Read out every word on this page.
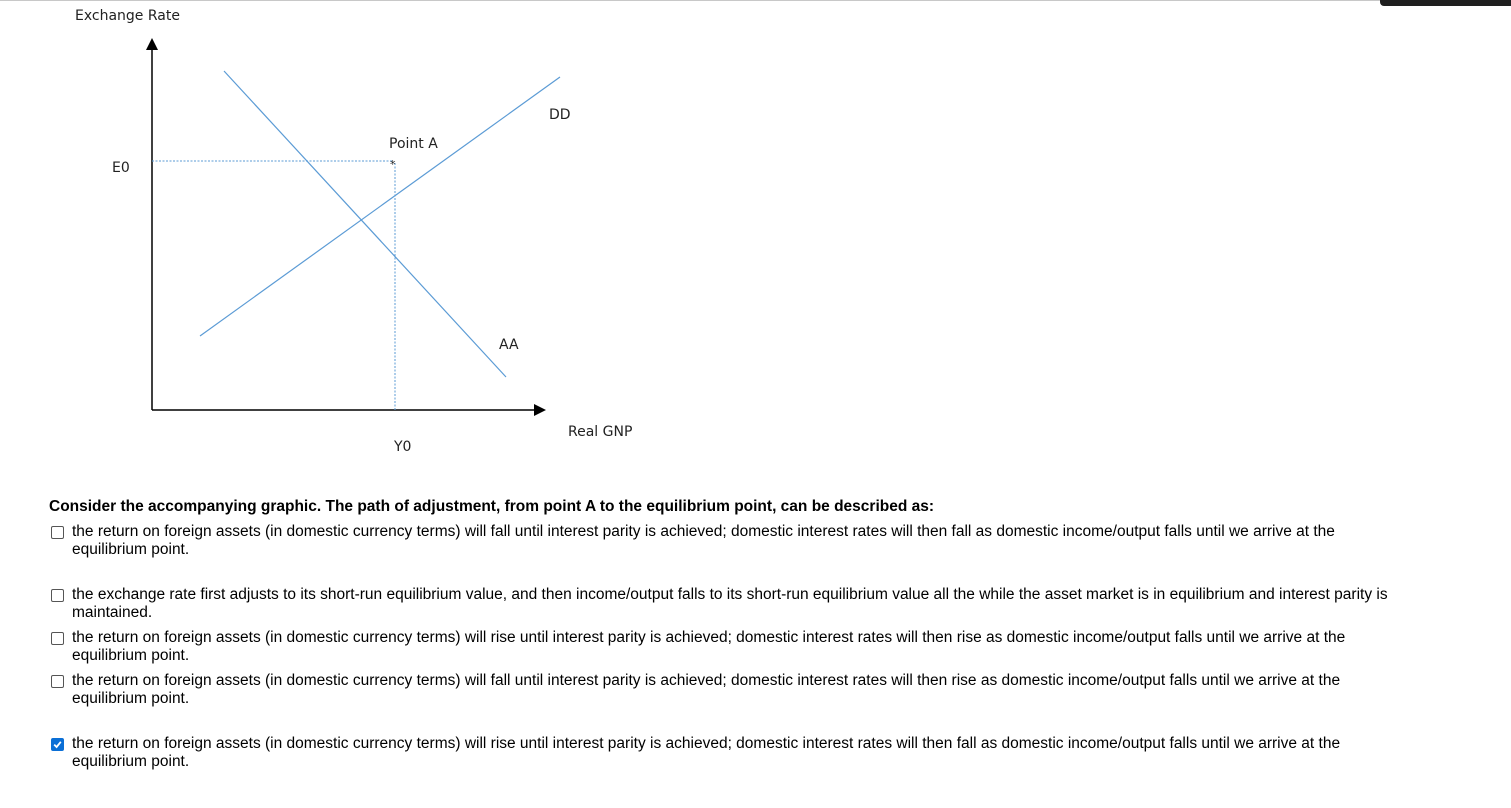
*
Exchange Rate
Real GNP
E0
Y0
Point A
DD
AA
Consider the accompanying graphic. The path of adjustment, from point A to the equilibrium point, can be described as:
the return on foreign assets (in domestic currency terms) will fall until interest parity is achieved; domestic interest rates will then fall as domestic income/output falls until we arrive at the equilibrium point.
the exchange rate first adjusts to its short-run equilibrium value, and then income/output falls to its short-run equilibrium value all the while the asset market is in equilibrium and interest parity is maintained.
the return on foreign assets (in domestic currency terms) will rise until interest parity is achieved; domestic interest rates will then rise as domestic income/output falls until we arrive at the equilibrium point.
the return on foreign assets (in domestic currency terms) will fall until interest parity is achieved; domestic interest rates will then rise as domestic income/output falls until we arrive at the equilibrium point.
the return on foreign assets (in domestic currency terms) will rise until interest parity is achieved; domestic interest rates will then fall as domestic income/output falls until we arrive at the equilibrium point.
